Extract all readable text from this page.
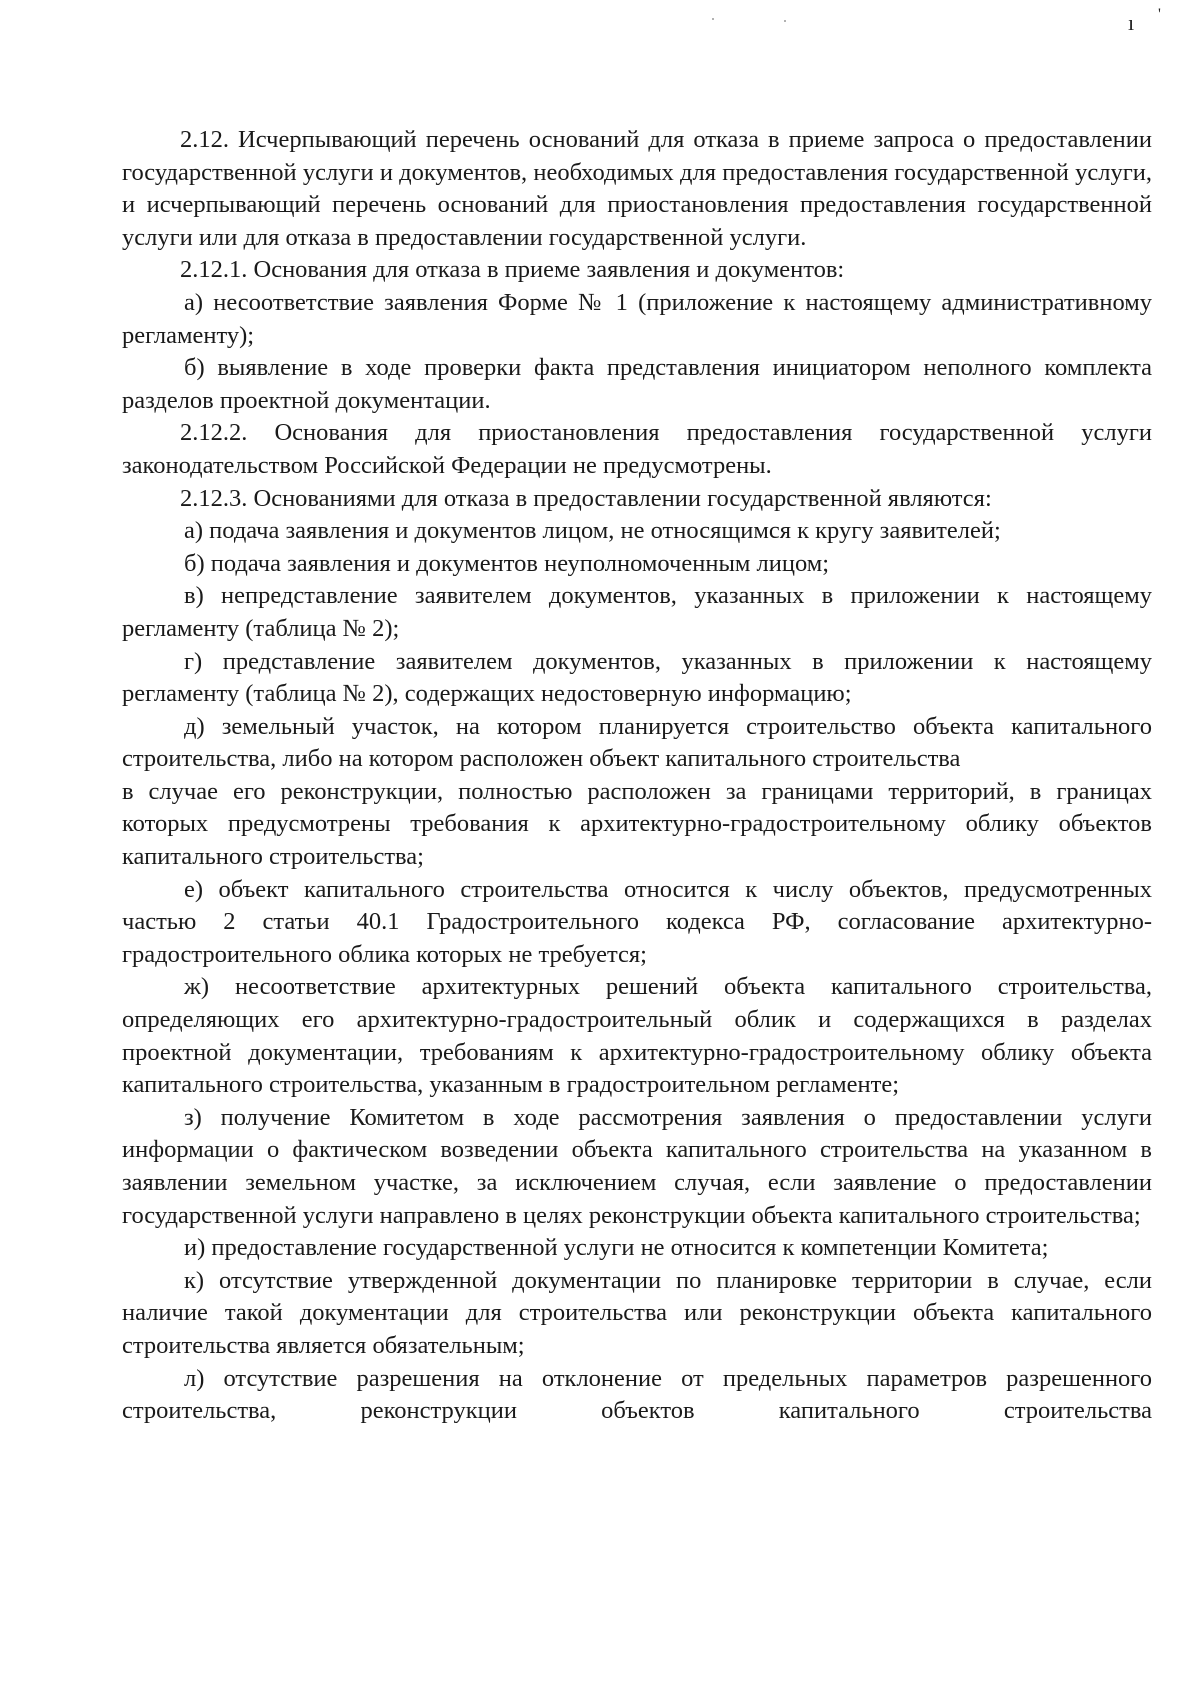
ı '

2.12. Исчерпывающий перечень оснований для отказа в приеме запроса о предоставлении государственной услуги и документов, необходимых для предоставления государственной услуги, и исчерпывающий перечень оснований для приостановления предоставления государственной услуги или для отказа в предоставлении государственной услуги.

2.12.1. Основания для отказа в приеме заявления и документов:

а) несоответствие заявления Форме № 1 (приложение к настоящему административному регламенту);

б) выявление в ходе проверки факта представления инициатором неполного комплекта разделов проектной документации.

2.12.2. Основания для приостановления предоставления государственной услуги законодательством Российской Федерации не предусмотрены.

2.12.3. Основаниями для отказа в предоставлении государственной являются:

а) подача заявления и документов лицом, не относящимся к кругу заявителей;

б) подача заявления и документов неуполномоченным лицом;

в) непредставление заявителем документов, указанных в приложении к настоящему регламенту (таблица № 2);

г) представление заявителем документов, указанных в приложении к настоящему регламенту (таблица № 2), содержащих недостоверную информацию;

д) земельный участок, на котором планируется строительство объекта капитального строительства, либо на котором расположен объект капитального строительства

в случае его реконструкции, полностью расположен за границами территорий, в границах которых предусмотрены требования к архитектурно-градостроительному облику объектов капитального строительства;

е) объект капитального строительства относится к числу объектов, предусмотренных частью 2 статьи 40.1 Градостроительного кодекса РФ, согласование архитектурно-градостроительного облика которых не требуется;

ж) несоответствие архитектурных решений объекта капитального строительства, определяющих его архитектурно-градостроительный облик и содержащихся в разделах проектной документации, требованиям к архитектурно-градостроительному облику объекта капитального строительства, указанным в градостроительном регламенте;

з) получение Комитетом в ходе рассмотрения заявления о предоставлении услуги информации о фактическом возведении объекта капитального строительства на указанном в заявлении земельном участке, за исключением случая, если заявление о предоставлении государственной услуги направлено в целях реконструкции объекта капитального строительства;

и) предоставление государственной услуги не относится к компетенции Комитета;

к) отсутствие утвержденной документации по планировке территории в случае, если наличие такой документации для строительства или реконструкции объекта капитального строительства является обязательным;

л) отсутствие разрешения на отклонение от предельных параметров разрешенного строительства, реконструкции объектов капитального строительства
